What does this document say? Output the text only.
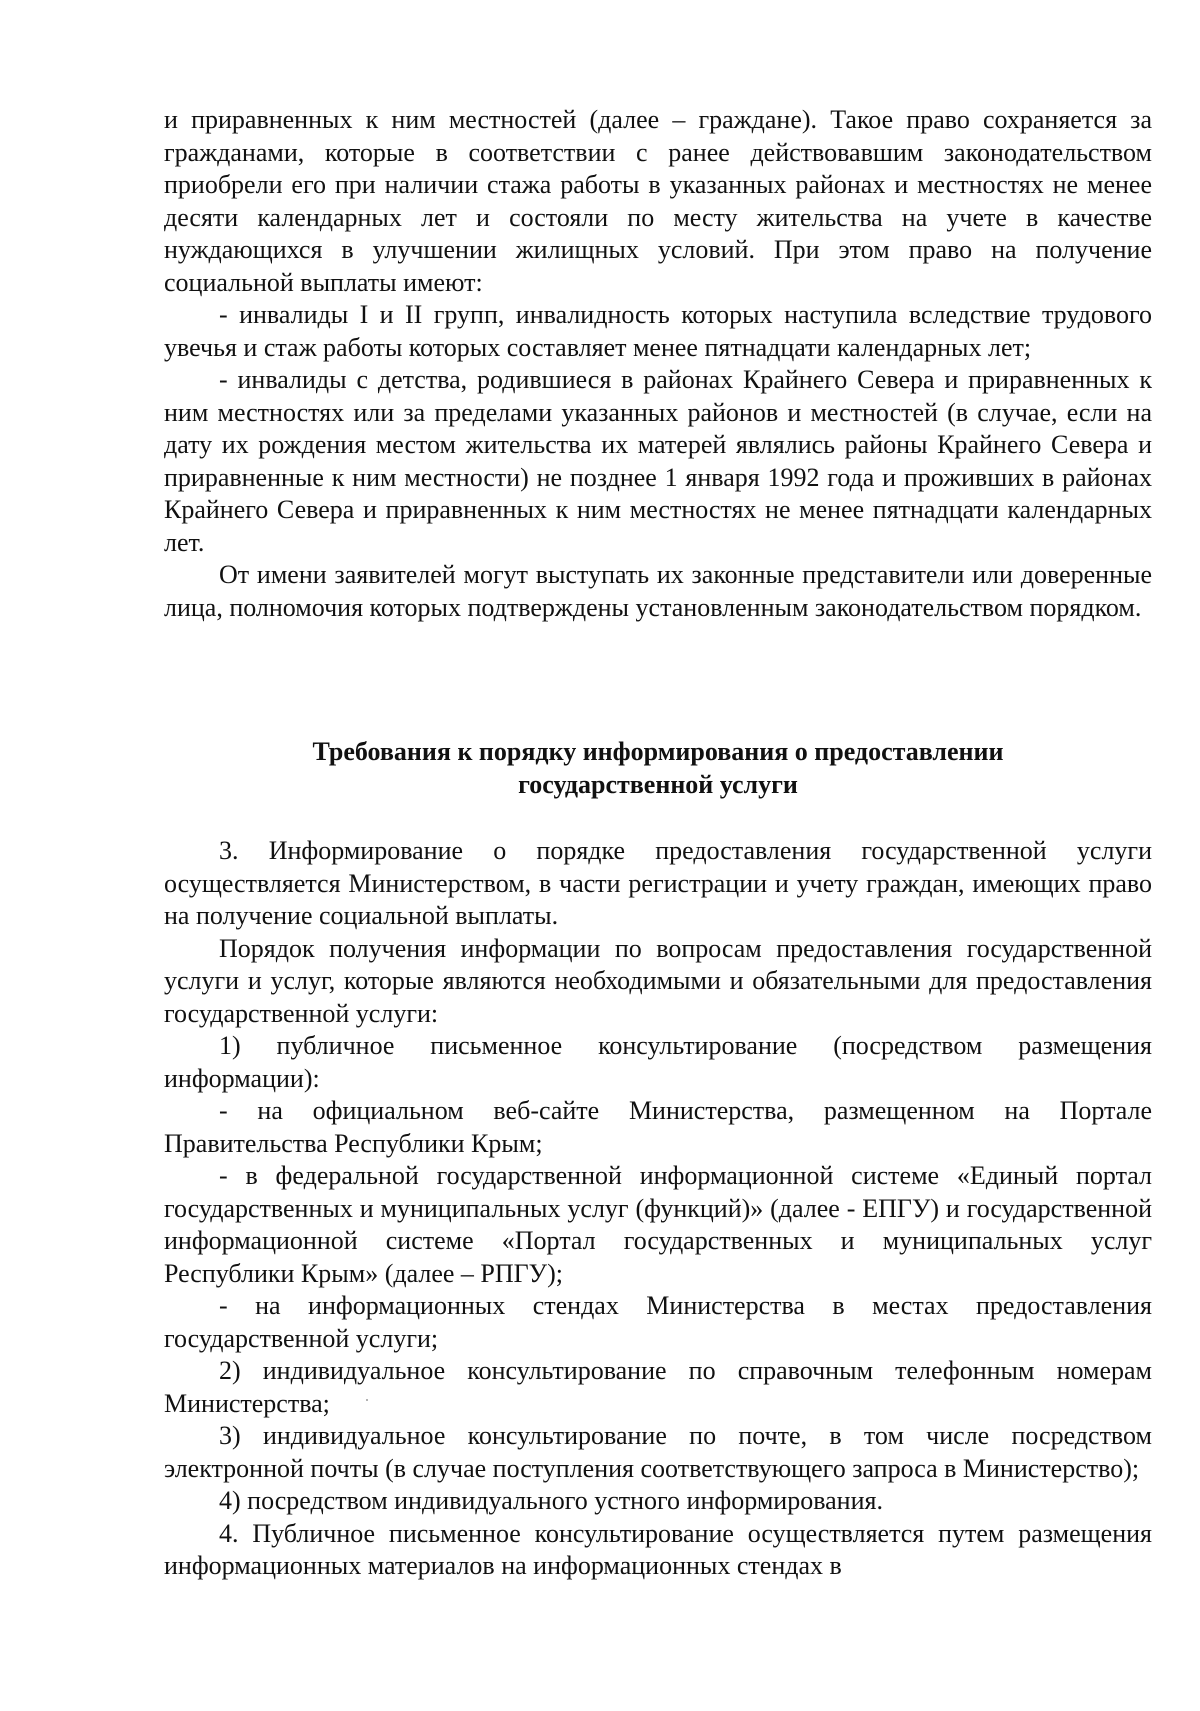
и приравненных к ним местностей (далее – граждане). Такое право сохраняется за гражданами, которые в соответствии с ранее действовавшим законодательством приобрели его при наличии стажа работы в указанных районах и местностях не менее десяти календарных лет и состояли по месту жительства на учете в качестве нуждающихся в улучшении жилищных условий. При этом право на получение социальной выплаты имеют:

- инвалиды I и II групп, инвалидность которых наступила вследствие трудового увечья и стаж работы которых составляет менее пятнадцати календарных лет;

- инвалиды с детства, родившиеся в районах Крайнего Севера и приравненных к ним местностях или за пределами указанных районов и местностей (в случае, если на дату их рождения местом жительства их матерей являлись районы Крайнего Севера и приравненные к ним местности) не позднее 1 января 1992 года и проживших в районах Крайнего Севера и приравненных к ним местностях не менее пятнадцати календарных лет.

От имени заявителей могут выступать их законные представители или доверенные лица, полномочия которых подтверждены установленным законодательством порядком.

Требования к порядку информирования о предоставлении
государственной услуги

3. Информирование о порядке предоставления государственной услуги осуществляется Министерством, в части регистрации и учету граждан, имеющих право на получение социальной выплаты.

Порядок получения информации по вопросам предоставления государственной услуги и услуг, которые являются необходимыми и обязательными для предоставления государственной услуги:

1) публичное письменное консультирование (посредством размещения информации):

- на официальном веб-сайте Министерства, размещенном на Портале Правительства Республики Крым;

- в федеральной государственной информационной системе «Единый портал государственных и муниципальных услуг (функций)» (далее - ЕПГУ) и государственной информационной системе «Портал государственных и муниципальных услуг Республики Крым» (далее – РПГУ);

- на информационных стендах Министерства в местах предоставления государственной услуги;

2) индивидуальное консультирование по справочным телефонным номерам Министерства;

3) индивидуальное консультирование по почте, в том числе посредством электронной почты (в случае поступления соответствующего запроса в Министерство);

4) посредством индивидуального устного информирования.

4. Публичное письменное консультирование осуществляется путем размещения информационных материалов на информационных стендах в
